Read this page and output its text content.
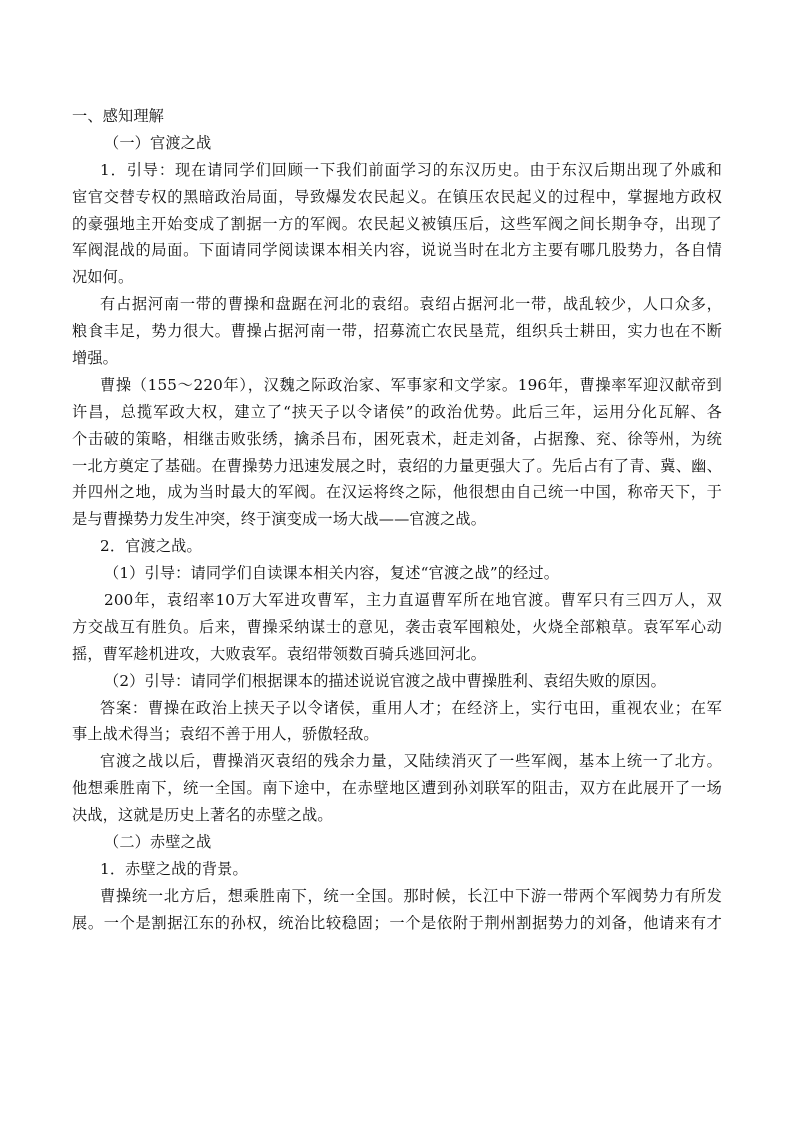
一、感知理解
（一）官渡之战
1．引导：现在请同学们回顾一下我们前面学习的东汉历史。由于东汉后期出现了外戚和
宦官交替专权的黑暗政治局面，导致爆发农民起义。在镇压农民起义的过程中，掌握地方政权
的豪强地主开始变成了割据一方的军阀。农民起义被镇压后，这些军阀之间长期争夺，出现了
军阀混战的局面。下面请同学阅读课本相关内容，说说当时在北方主要有哪几股势力，各自情
况如何。
有占据河南一带的曹操和盘踞在河北的袁绍。袁绍占据河北一带，战乱较少，人口众多，
粮食丰足，势力很大。曹操占据河南一带，招募流亡农民垦荒，组织兵士耕田，实力也在不断
增强。
曹操（155～220年），汉魏之际政治家、军事家和文学家。196年，曹操率军迎汉献帝到
许昌，总揽军政大权，建立了“挟天子以令诸侯”的政治优势。此后三年，运用分化瓦解、各
个击破的策略，相继击败张绣，擒杀吕布，困死袁术，赶走刘备，占据豫、兖、徐等州，为统
一北方奠定了基础。在曹操势力迅速发展之时，袁绍的力量更强大了。先后占有了青、冀、幽、
并四州之地，成为当时最大的军阀。在汉运将终之际，他很想由自己统一中国，称帝天下，于
是与曹操势力发生冲突，终于演变成一场大战——官渡之战。
2．官渡之战。
（1）引导：请同学们自读课本相关内容，复述“官渡之战”的经过。
200年，袁绍率10万大军进攻曹军，主力直逼曹军所在地官渡。曹军只有三四万人，双
方交战互有胜负。后来，曹操采纳谋士的意见，袭击袁军囤粮处，火烧全部粮草。袁军军心动
摇，曹军趁机进攻，大败袁军。袁绍带领数百骑兵逃回河北。
（2）引导：请同学们根据课本的描述说说官渡之战中曹操胜利、袁绍失败的原因。
答案：曹操在政治上挟天子以令诸侯，重用人才；在经济上，实行屯田，重视农业；在军
事上战术得当；袁绍不善于用人，骄傲轻敌。
官渡之战以后，曹操消灭袁绍的残余力量，又陆续消灭了一些军阀，基本上统一了北方。
他想乘胜南下，统一全国。南下途中，在赤壁地区遭到孙刘联军的阻击，双方在此展开了一场
决战，这就是历史上著名的赤壁之战。
（二）赤壁之战
1．赤壁之战的背景。
曹操统一北方后，想乘胜南下，统一全国。那时候，长江中下游一带两个军阀势力有所发
展。一个是割据江东的孙权，统治比较稳固；一个是依附于荆州割据势力的刘备，他请来有才
